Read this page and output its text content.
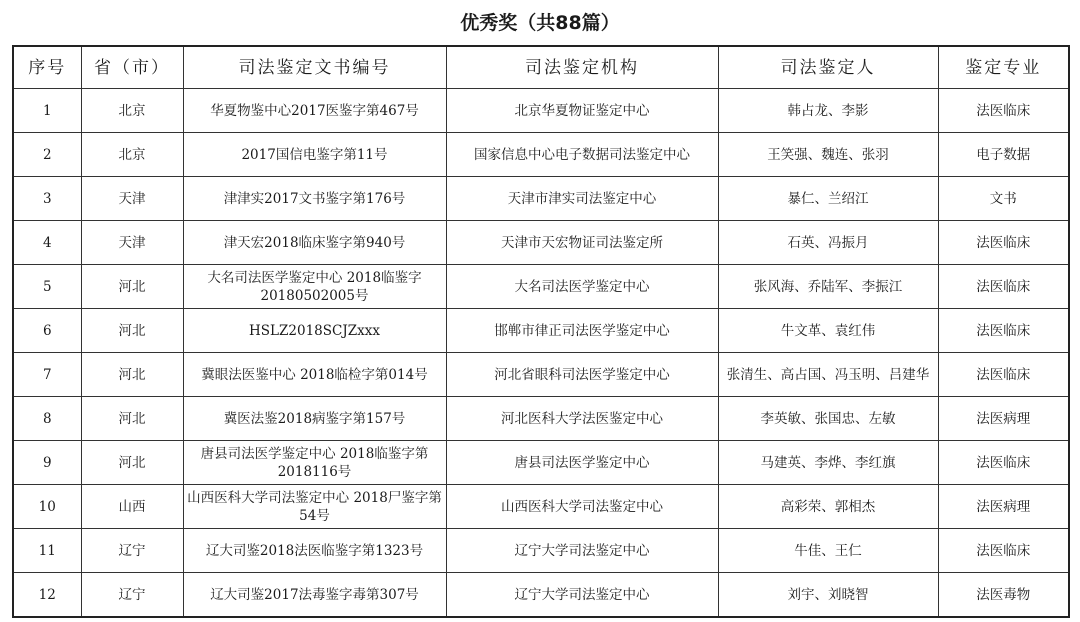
优秀奖（共88篇）
序号	省（市）	司法鉴定文书编号	司法鉴定机构	司法鉴定人	鉴定专业
1	北京	华夏物鉴中心2017医鉴字第467号	北京华夏物证鉴定中心	韩占龙、李影	法医临床
2	北京	2017国信电鉴字第11号	国家信息中心电子数据司法鉴定中心	王笑强、魏连、张羽	电子数据
3	天津	津津实2017文书鉴字第176号	天津市津实司法鉴定中心	暴仁、兰绍江	文书
4	天津	津天宏2018临床鉴字第940号	天津市天宏物证司法鉴定所	石英、冯振月	法医临床
5	河北	大名司法医学鉴定中心 2018临鉴字20180502005号	大名司法医学鉴定中心	张风海、乔陆军、李振江	法医临床
6	河北	HSLZ2018SCJZxxx	邯郸市律正司法医学鉴定中心	牛文革、袁红伟	法医临床
7	河北	冀眼法医鉴中心 2018临检字第014号	河北省眼科司法医学鉴定中心	张清生、高占国、冯玉明、吕建华	法医临床
8	河北	冀医法鉴2018病鉴字第157号	河北医科大学法医鉴定中心	李英敏、张国忠、左敏	法医病理
9	河北	唐县司法医学鉴定中心 2018临鉴字第2018116号	唐县司法医学鉴定中心	马建英、李烨、李红旗	法医临床
10	山西	山西医科大学司法鉴定中心 2018尸鉴字第54号	山西医科大学司法鉴定中心	高彩荣、郭相杰	法医病理
11	辽宁	辽大司鉴2018法医临鉴字第1323号	辽宁大学司法鉴定中心	牛佳、王仁	法医临床
12	辽宁	辽大司鉴2017法毒鉴字毒第307号	辽宁大学司法鉴定中心	刘宇、刘晓智	法医毒物
